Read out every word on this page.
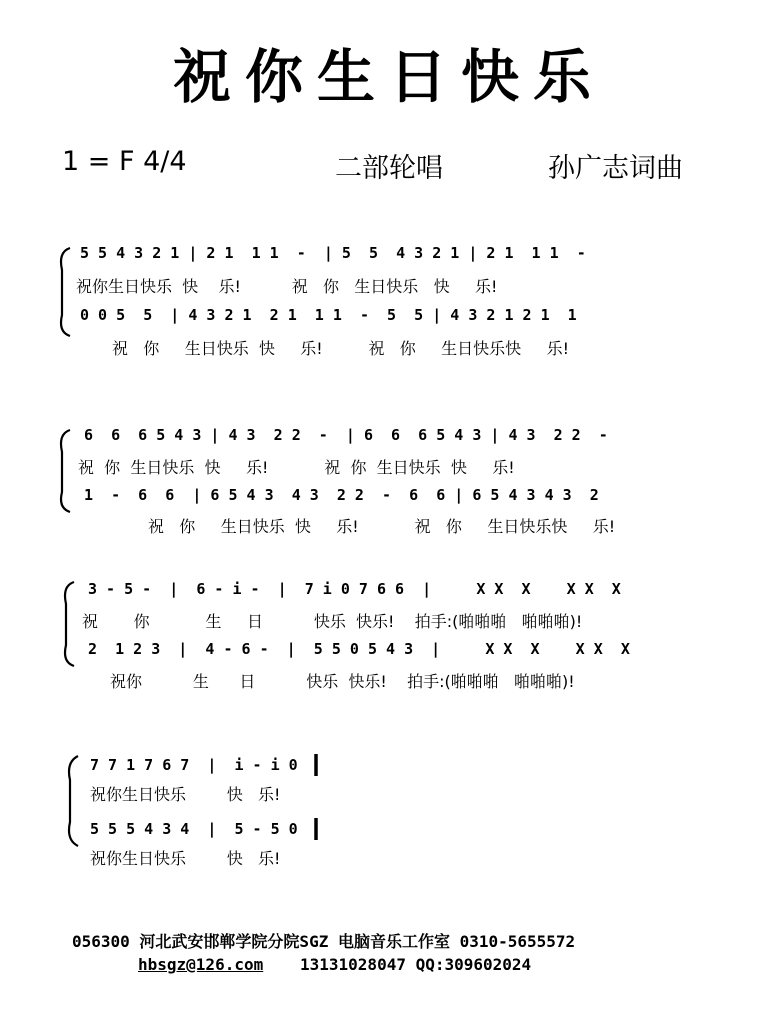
祝你生日快乐
1 = F 4/4	二部轮唱	孙广志词曲
5 5 4 3 2 1 | 2 1  1 1  -  | 5  5  4 3 2 1 | 2 1  1 1  -
祝你生日快乐  快    乐!          祝   你   生日快乐   快     乐!
0 0 5  5  | 4 3 2 1  2 1  1 1  -  5  5 | 4 3 2 1 2 1  1
祝   你     生日快乐  快     乐!         祝   你     生日快乐快     乐!
6  6  6 5 4 3 | 4 3  2 2  -  | 6  6  6 5 4 3 | 4 3  2 2  -
祝  你  生日快乐  快     乐!           祝  你  生日快乐  快     乐!
1  -  6  6  | 6 5 4 3  4 3  2 2  -  6  6 | 6 5 4 3 4 3  2
祝   你     生日快乐  快     乐!           祝   你     生日快乐快     乐!
3 - 5 -  |  6 - i -  |  7 i 0 7 6 6  |     X X  X    X X  X
祝       你           生     日          快乐  快乐!    拍手:(啪啪啪   啪啪啪)!
2  1 2 3  |  4 - 6 -  |  5 5 0 5 4 3  |     X X  X    X X  X
祝你          生      日          快乐  快乐!    拍手:(啪啪啪   啪啪啪)!
7 7 1 7 6 7  |  i - i 0
祝你生日快乐        快   乐!
5 5 5 4 3 4  |  5 - 5 0
祝你生日快乐        快   乐!
056300 河北武安邯郸学院分院SGZ 电脑音乐工作室 0310-5655572
hbsgz@126.com 13131028047 QQ:309602024
